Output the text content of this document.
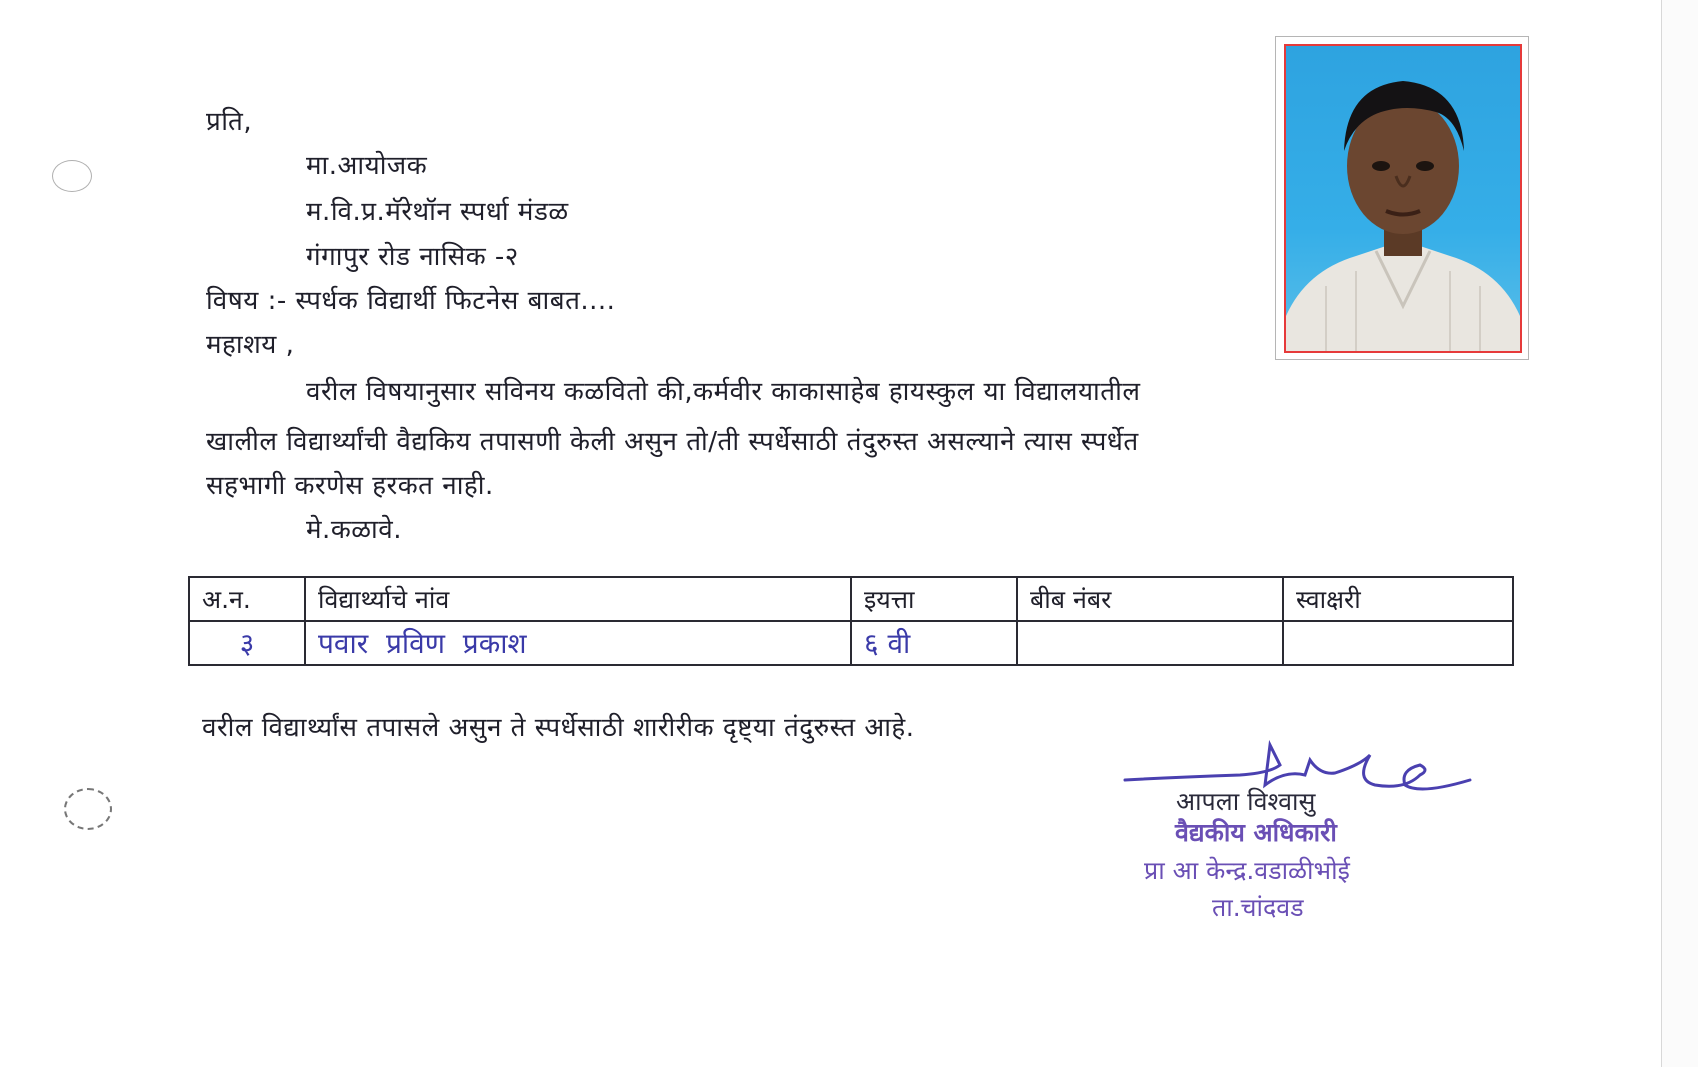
प्रति,
मा.आयोजक
म.वि.प्र.मॅरेथॉन स्पर्धा मंडळ
गंगापुर रोड नासिक -२
विषय :- स्पर्धक विद्यार्थी फिटनेस बाबत....
महाशय ,
वरील विषयानुसार सविनय कळवितो की,कर्मवीर काकासाहेब हायस्कुल या विद्यालयातील
खालील विद्यार्थ्यांची वैद्यकिय तपासणी केली असुन तो/ती स्पर्धेसाठी तंदुरुस्त असल्याने त्यास स्पर्धेत
सहभागी करणेस हरकत नाही.
मे.कळावे.
अ.न.	विद्यार्थ्याचे नांव	इयत्ता	बीब नंबर	स्वाक्षरी
३	पवार  प्रविण  प्रकाश	६ वी		
वरील विद्यार्थ्यांस तपासले असुन ते स्पर्धेसाठी शारीरीक दृष्ट्या तंदुरुस्त आहे.
आपला विश्वासु
वैद्यकीय अधिकारी
प्रा आ केन्द्र.वडाळीभोई
ता.चांदवड
